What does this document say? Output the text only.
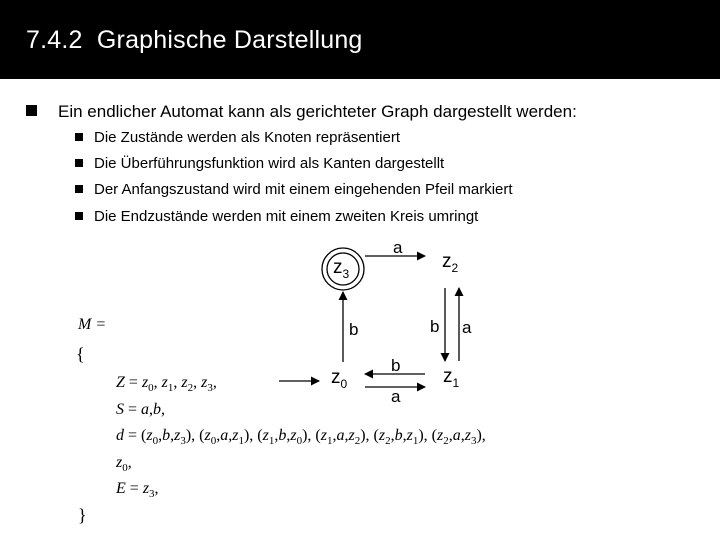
7.4.2  Graphische Darstellung
Ein endlicher Automat kann als gerichteter Graph dargestellt werden:
Die Zustände werden als Knoten repräsentiert
Die Überführungsfunktion wird als Kanten dargestellt
Der Anfangszustand wird mit einem eingehenden Pfeil markiert
Die Endzustände werden mit einem zweiten Kreis umringt
$z_3$
$z_2$
$z_0$	$z_1$
a
b	b a
b
a
M =
{
$Z = z_0$, $z_1$, $z_2$, $z_3$,
S = a,b,
$d = (z_0,b,z_3)$, $(z_0,a,z_1)$, $(z_1,b,z_0)$, $(z_1,a,z_2)$, $(z_2,b,z_1)$, $(z_2,a,z_3)$,
$z_0$,
$E = z_3$,
}
